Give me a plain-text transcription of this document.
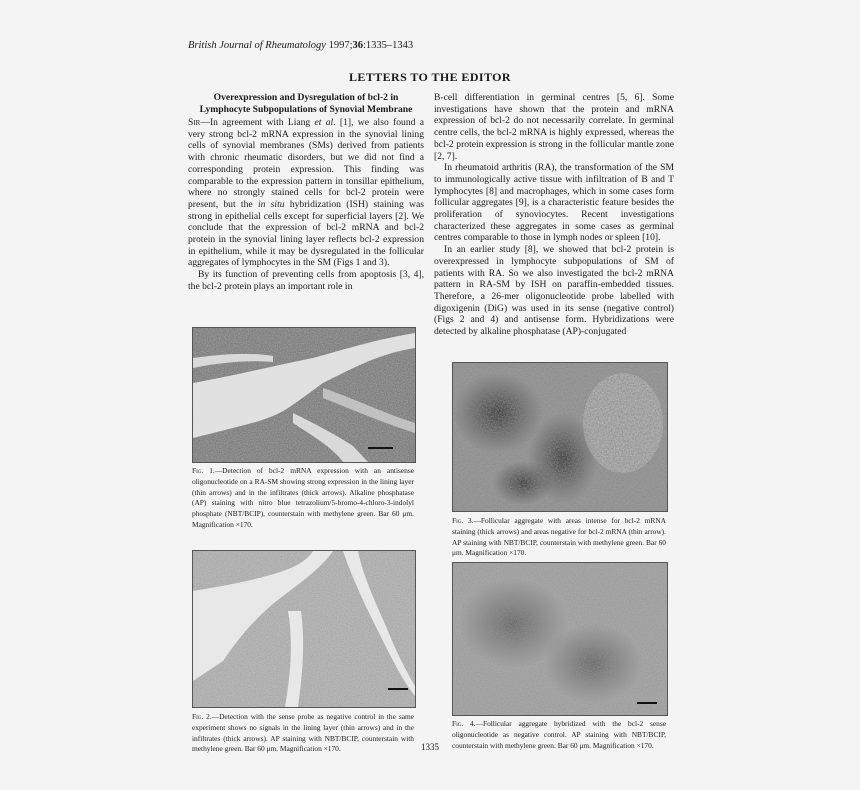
British Journal of Rheumatology 1997;36:1335–1343
LETTERS TO THE EDITOR
Overexpression and Dysregulation of bcl-2 in
Lymphocyte Subpopulations of Synovial Membrane

Sir—In agreement with Liang et al. [1], we also found a very strong bcl-2 mRNA expression in the synovial lining cells of synovial membranes (SMs) derived from patients with chronic rheumatic disorders, but we did not find a corresponding protein expression. This finding was comparable to the expression pattern in tonsillar epithelium, where no strongly stained cells for bcl-2 protein were present, but the in situ hybridization (ISH) staining was strong in epithelial cells except for superficial layers [2]. We conclude that the expression of bcl-2 mRNA and bcl-2 protein in the synovial lining layer reflects bcl-2 expression in epithelium, while it may be dysregulated in the follicular aggregates of lymphocytes in the SM (Figs 1 and 3).

By its function of preventing cells from apoptosis [3, 4], the bcl-2 protein plays an important role in

B-cell differentiation in germinal centres [5, 6]. Some investigations have shown that the protein and mRNA expression of bcl-2 do not necessarily correlate. In germinal centre cells, the bcl-2 mRNA is highly expressed, whereas the bcl-2 protein expression is strong in the follicular mantle zone [2, 7].

In rheumatoid arthritis (RA), the transformation of the SM to immunologically active tissue with infiltration of B and T lymphocytes [8] and macrophages, which in some cases form follicular aggregates [9], is a characteristic feature besides the proliferation of synoviocytes. Recent investigations characterized these aggregates in some cases as germinal centres comparable to those in lymph nodes or spleen [10].

In an earlier study [8], we showed that bcl-2 protein is overexpressed in lymphocyte subpopulations of SM of patients with RA. So we also investigated the bcl-2 mRNA pattern in RA-SM by ISH on paraffin-embedded tissues. Therefore, a 26-mer oligonucleotide probe labelled with digoxigenin (DiG) was used in its sense (negative control) (Figs 2 and 4) and antisense form. Hybridizations were detected by alkaline phosphatase (AP)-conjugated

Fig. 1.—Detection of bcl-2 mRNA expression with an antisense oligonucleotide on a RA-SM showing strong expression in the lining layer (thin arrows) and in the infiltrates (thick arrows). Alkaline phosphatase (AP) staining with nitro blue tetrazolium/5-bromo-4-chloro-3-indolyl phosphate (NBT/BCIP), counterstain with methylene green. Bar 60 μm. Magnification ×170.
Fig. 2.—Detection with the sense probe as negative control in the same experiment shows no signals in the lining layer (thin arrows) and in the infiltrates (thick arrows). AP staining with NBT/BCIP, counterstain with methylene green. Bar 60 μm. Magnification ×170.
Fig. 3.—Follicular aggregate with areas intense for bcl-2 mRNA staining (thick arrows) and areas negative for bcl-2 mRNA (thin arrow). AP staining with NBT/BCIP, counterstain with methylene green. Bar 60 μm. Magnification ×170.
Fig. 4.—Follicular aggregate hybridized with the bcl-2 sense oligonucleotide as negative control. AP staining with NBT/BCIP, counterstain with methylene green. Bar 60 μm. Magnification ×170.
1335
